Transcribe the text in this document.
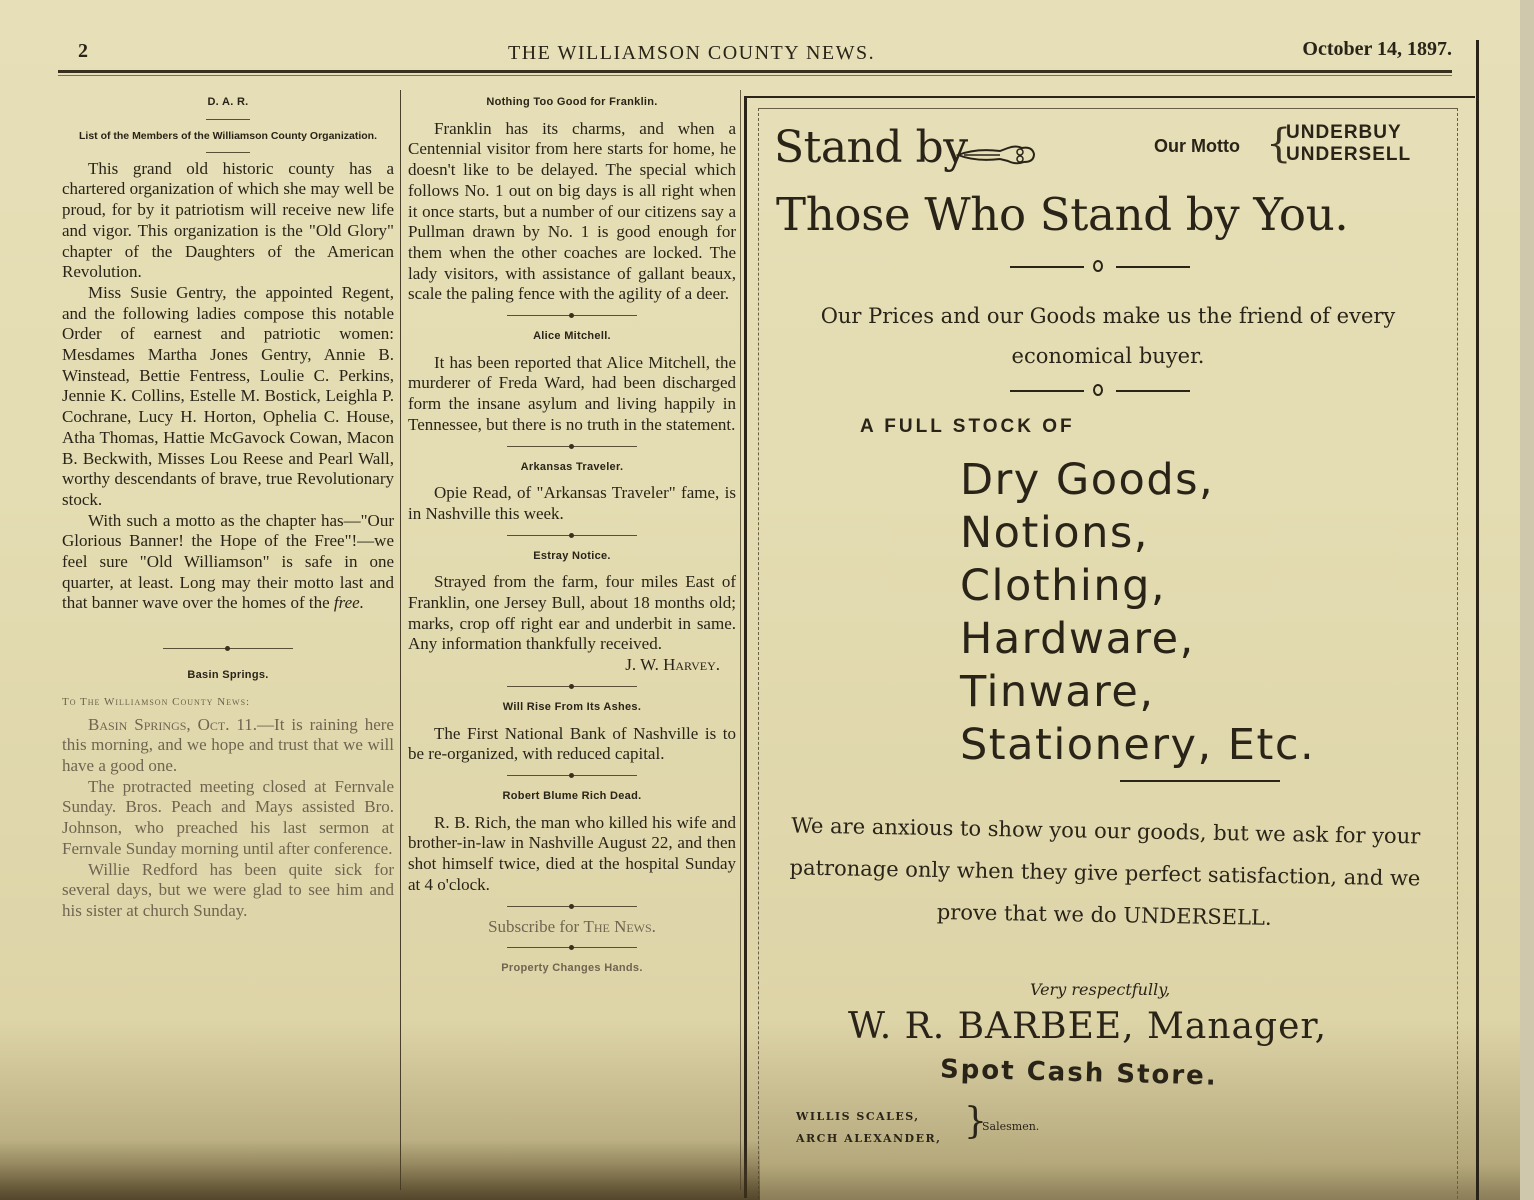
2	THE WILLIAMSON COUNTY NEWS.	October 14, 1897.
D. A. R.
List of the Members of the Williamson County Organization.

This grand old historic county has a chartered organization of which she may well be proud, for by it patriotism will receive new life and vigor. This organization is the "Old Glory" chapter of the Daughters of the American Revolution.

Miss Susie Gentry, the appointed Regent, and the following ladies compose this notable Order of earnest and patriotic women: Mesdames Martha Jones Gentry, Annie B. Winstead, Bettie Fentress, Loulie C. Perkins, Jennie K. Collins, Estelle M. Bostick, Leighla P. Cochrane, Lucy H. Horton, Ophelia C. House, Atha Thomas, Hattie McGavock Cowan, Macon B. Beckwith, Misses Lou Reese and Pearl Wall, worthy descendants of brave, true Revolutionary stock.

With such a motto as the chapter has—"Our Glorious Banner! the Hope of the Free"!—we feel sure "Old Williamson" is safe in one quarter, at least. Long may their motto last and that banner wave over the homes of the free.

Basin Springs.
To The Williamson County News:

Basin Springs, Oct. 11.—It is raining here this morning, and we hope and trust that we will have a good one.

The protracted meeting closed at Fernvale Sunday. Bros. Peach and Mays assisted Bro. Johnson, who preached his last sermon at Fernvale Sunday morning until after conference.

Willie Redford has been quite sick for several days, but we were glad to see him and his sister at church Sunday.

Nothing Too Good for Franklin.

Franklin has its charms, and when a Centennial visitor from here starts for home, he doesn't like to be delayed. The special which follows No. 1 out on big days is all right when it once starts, but a number of our citizens say a Pullman drawn by No. 1 is good enough for them when the other coaches are locked. The lady visitors, with assistance of gallant beaux, scale the paling fence with the agility of a deer.

Alice Mitchell.

It has been reported that Alice Mitchell, the murderer of Freda Ward, had been discharged form the insane asylum and living happily in Tennessee, but there is no truth in the statement.

Arkansas Traveler.

Opie Read, of "Arkansas Traveler" fame, is in Nashville this week.

Estray Notice.

Strayed from the farm, four miles East of Franklin, one Jersey Bull, about 18 months old; marks, crop off right ear and underbit in same. Any information thankfully received.

J. W. Harvey.
Will Rise From Its Ashes.

The First National Bank of Nashville is to be re-organized, with reduced capital.

Robert Blume Rich Dead.

R. B. Rich, the man who killed his wife and brother-in-law in Nashville August 22, and then shot himself twice, died at the hospital Sunday at 4 o'clock.

Subscribe for The News.
Property Changes Hands.
Stand by	Our Motto {
UNDERBUY
UNDERSELL
Those Who Stand by You.
Our Prices and our Goods make us the friend of every economical buyer.
A FULL STOCK OF
Dry Goods,
Notions,
Clothing,
Hardware,
Tinware,
Stationery, Etc.
We are anxious to show you our goods, but we ask for your patronage only when they give perfect satisfaction, and we prove that we do UNDERSELL.
Very respectfully,
W. R. BARBEE, Manager,
Spot Cash Store.
WILLIS SCALES,
ARCH ALEXANDER, }
Salesmen.
